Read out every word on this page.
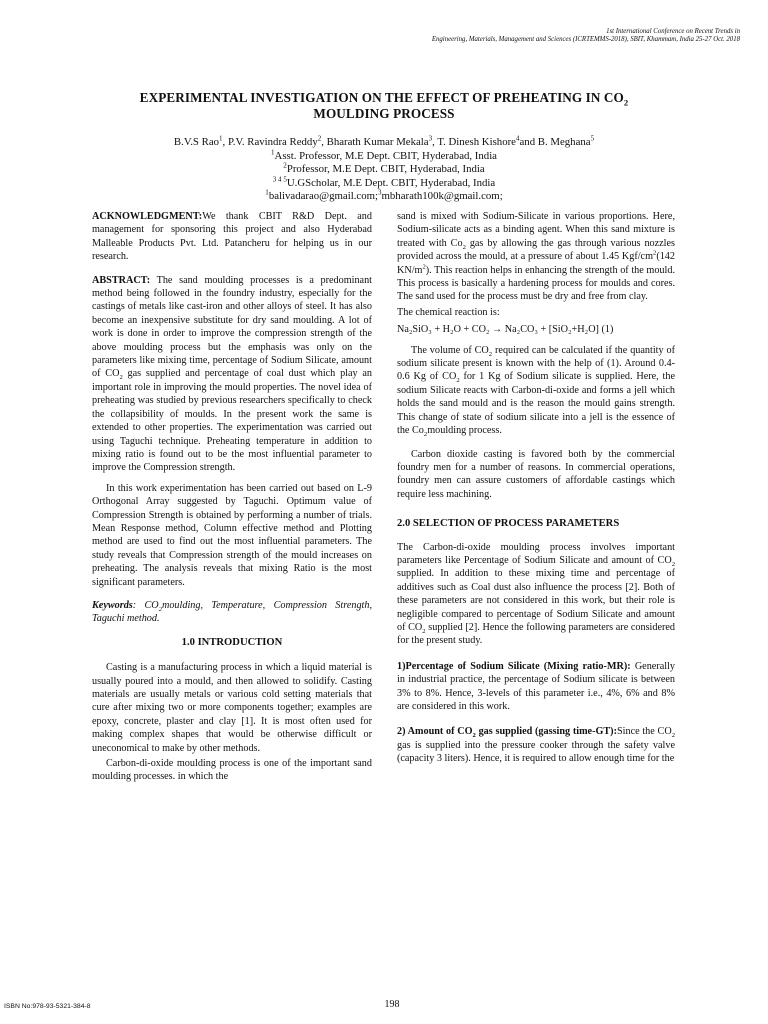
1st International Conference on Recent Trends in
Engineering, Materials, Management and Sciences (ICRTEMMS-2018), SBIT, Khammam, India 25-27 Oct. 2018
EXPERIMENTAL INVESTIGATION ON THE EFFECT OF PREHEATING IN $CO_2$
MOULDING PROCESS
B.V.S Rao$^1$, P.V. Ravindra Reddy$^2$, Bharath Kumar Mekala$^3$, T. Dinesh Kishore$^4$and B. Meghana$^5$
$^1$Asst. Professor, M.E Dept. CBIT, Hyderabad, India
$^2$Professor, M.E Dept. CBIT, Hyderabad, India
$^{3 4 5}$U.GScholar, M.E Dept. CBIT, Hyderabad, India
$^1$balivadarao@gmail.com;$^3$mbharath100k@gmail.com;

ACKNOWLEDGMENT:We thank CBIT R&D Dept. and management for sponsoring this project and also Hyderabad Malleable Products Pvt. Ltd. Patancheru for helping us in our research.

ABSTRACT: The sand moulding processes is a predominant method being followed in the foundry industry, especially for the castings of metals like cast-iron and other alloys of steel. It has also become an inexpensive substitute for dry sand moulding. A lot of work is done in order to improve the compression strength of the above moulding process but the emphasis was only on the parameters like mixing time, percentage of Sodium Silicate, amount of $CO_2$ gas supplied and percentage of coal dust which play an important role in improving the mould properties. The novel idea of preheating was studied by previous researchers specifically to check the collapsibility of moulds. In the present work the same is extended to other properties. The experimentation was carried out using Taguchi technique. Preheating temperature in addition to mixing ratio is found out to be the most influential parameter to improve the Compression strength.

In this work experimentation has been carried out based on L-9 Orthogonal Array suggested by Taguchi. Optimum value of Compression Strength is obtained by performing a number of trials. Mean Response method, Column effective method and Plotting method are used to find out the most influential parameters. The study reveals that Compression strength of the mould increases on preheating. The analysis reveals that mixing Ratio is the most significant parameters.

Keywords: $CO_2moulding$, Temperature, Compression Strength, Taguchi method.

1.0 INTRODUCTION

Casting is a manufacturing process in which a liquid material is usually poured into a mould, and then allowed to solidify. Casting materials are usually metals or various cold setting materials that cure after mixing two or more components together; examples are epoxy, concrete, plaster and clay [1]. It is most often used for making complex shapes that would be otherwise difficult or uneconomical to make by other methods.

Carbon-di-oxide moulding process is one of the important sand moulding processes. in which the

sand is mixed with Sodium-Silicate in various proportions. Here, Sodium-silicate acts as a binding agent. When this sand mixture is treated with $Co_2$ gas by allowing the gas through various nozzles provided across the mould, at a pressure of about 1.45 Kgf/$cm^2(142$ $KN/m^2$). This reaction helps in enhancing the strength of the mould. This process is basically a hardening process for moulds and cores. The sand used for the process must be dry and free from clay.

The chemical reaction is:

Na₂SiO₃ + H₂O + CO₂ → Na₂CO₃ + [SiO₂+H₂O] (1)

The volume of $CO_2$ required can be calculated if the quantity of sodium silicate present is known with the help of (1). Around 0.4-0.6 Kg of $CO_2$ for 1 Kg of Sodium silicate is supplied. Here, the sodium Silicate reacts with Carbon-di-oxide and forms a jell which holds the sand mould and is the reason the mould gains strength. This change of state of sodium silicate into a jell is the essence of the $Co_2moulding$ process.

Carbon dioxide casting is favored both by the commercial foundry men for a number of reasons. In commercial operations, foundry men can assure customers of affordable castings which require less machining.

2.0 SELECTION OF PROCESS PARAMETERS

The Carbon-di-oxide moulding process involves important parameters like Percentage of Sodium Silicate and amount of $CO_2$ supplied. In addition to these mixing time and percentage of additives such as Coal dust also influence the process [2]. Both of these parameters are not considered in this work, but their role is negligible compared to percentage of Sodium Silicate and amount of $CO_2$ supplied [2]. Hence the following parameters are considered for the present study.

1)Percentage of Sodium Silicate (Mixing ratio-MR): Generally in industrial practice, the percentage of Sodium silicate is between 3% to 8%. Hence, 3-levels of this parameter i.e., 4%, 6% and 8% are considered in this work.

2) Amount of $CO_2$ gas supplied (gassing time-GT):Since the $CO_2$ gas is supplied into the pressure cooker through the safety valve (capacity 3 liters). Hence, it is required to allow enough time for the

ISBN No:978-93-5321-384-8	198
